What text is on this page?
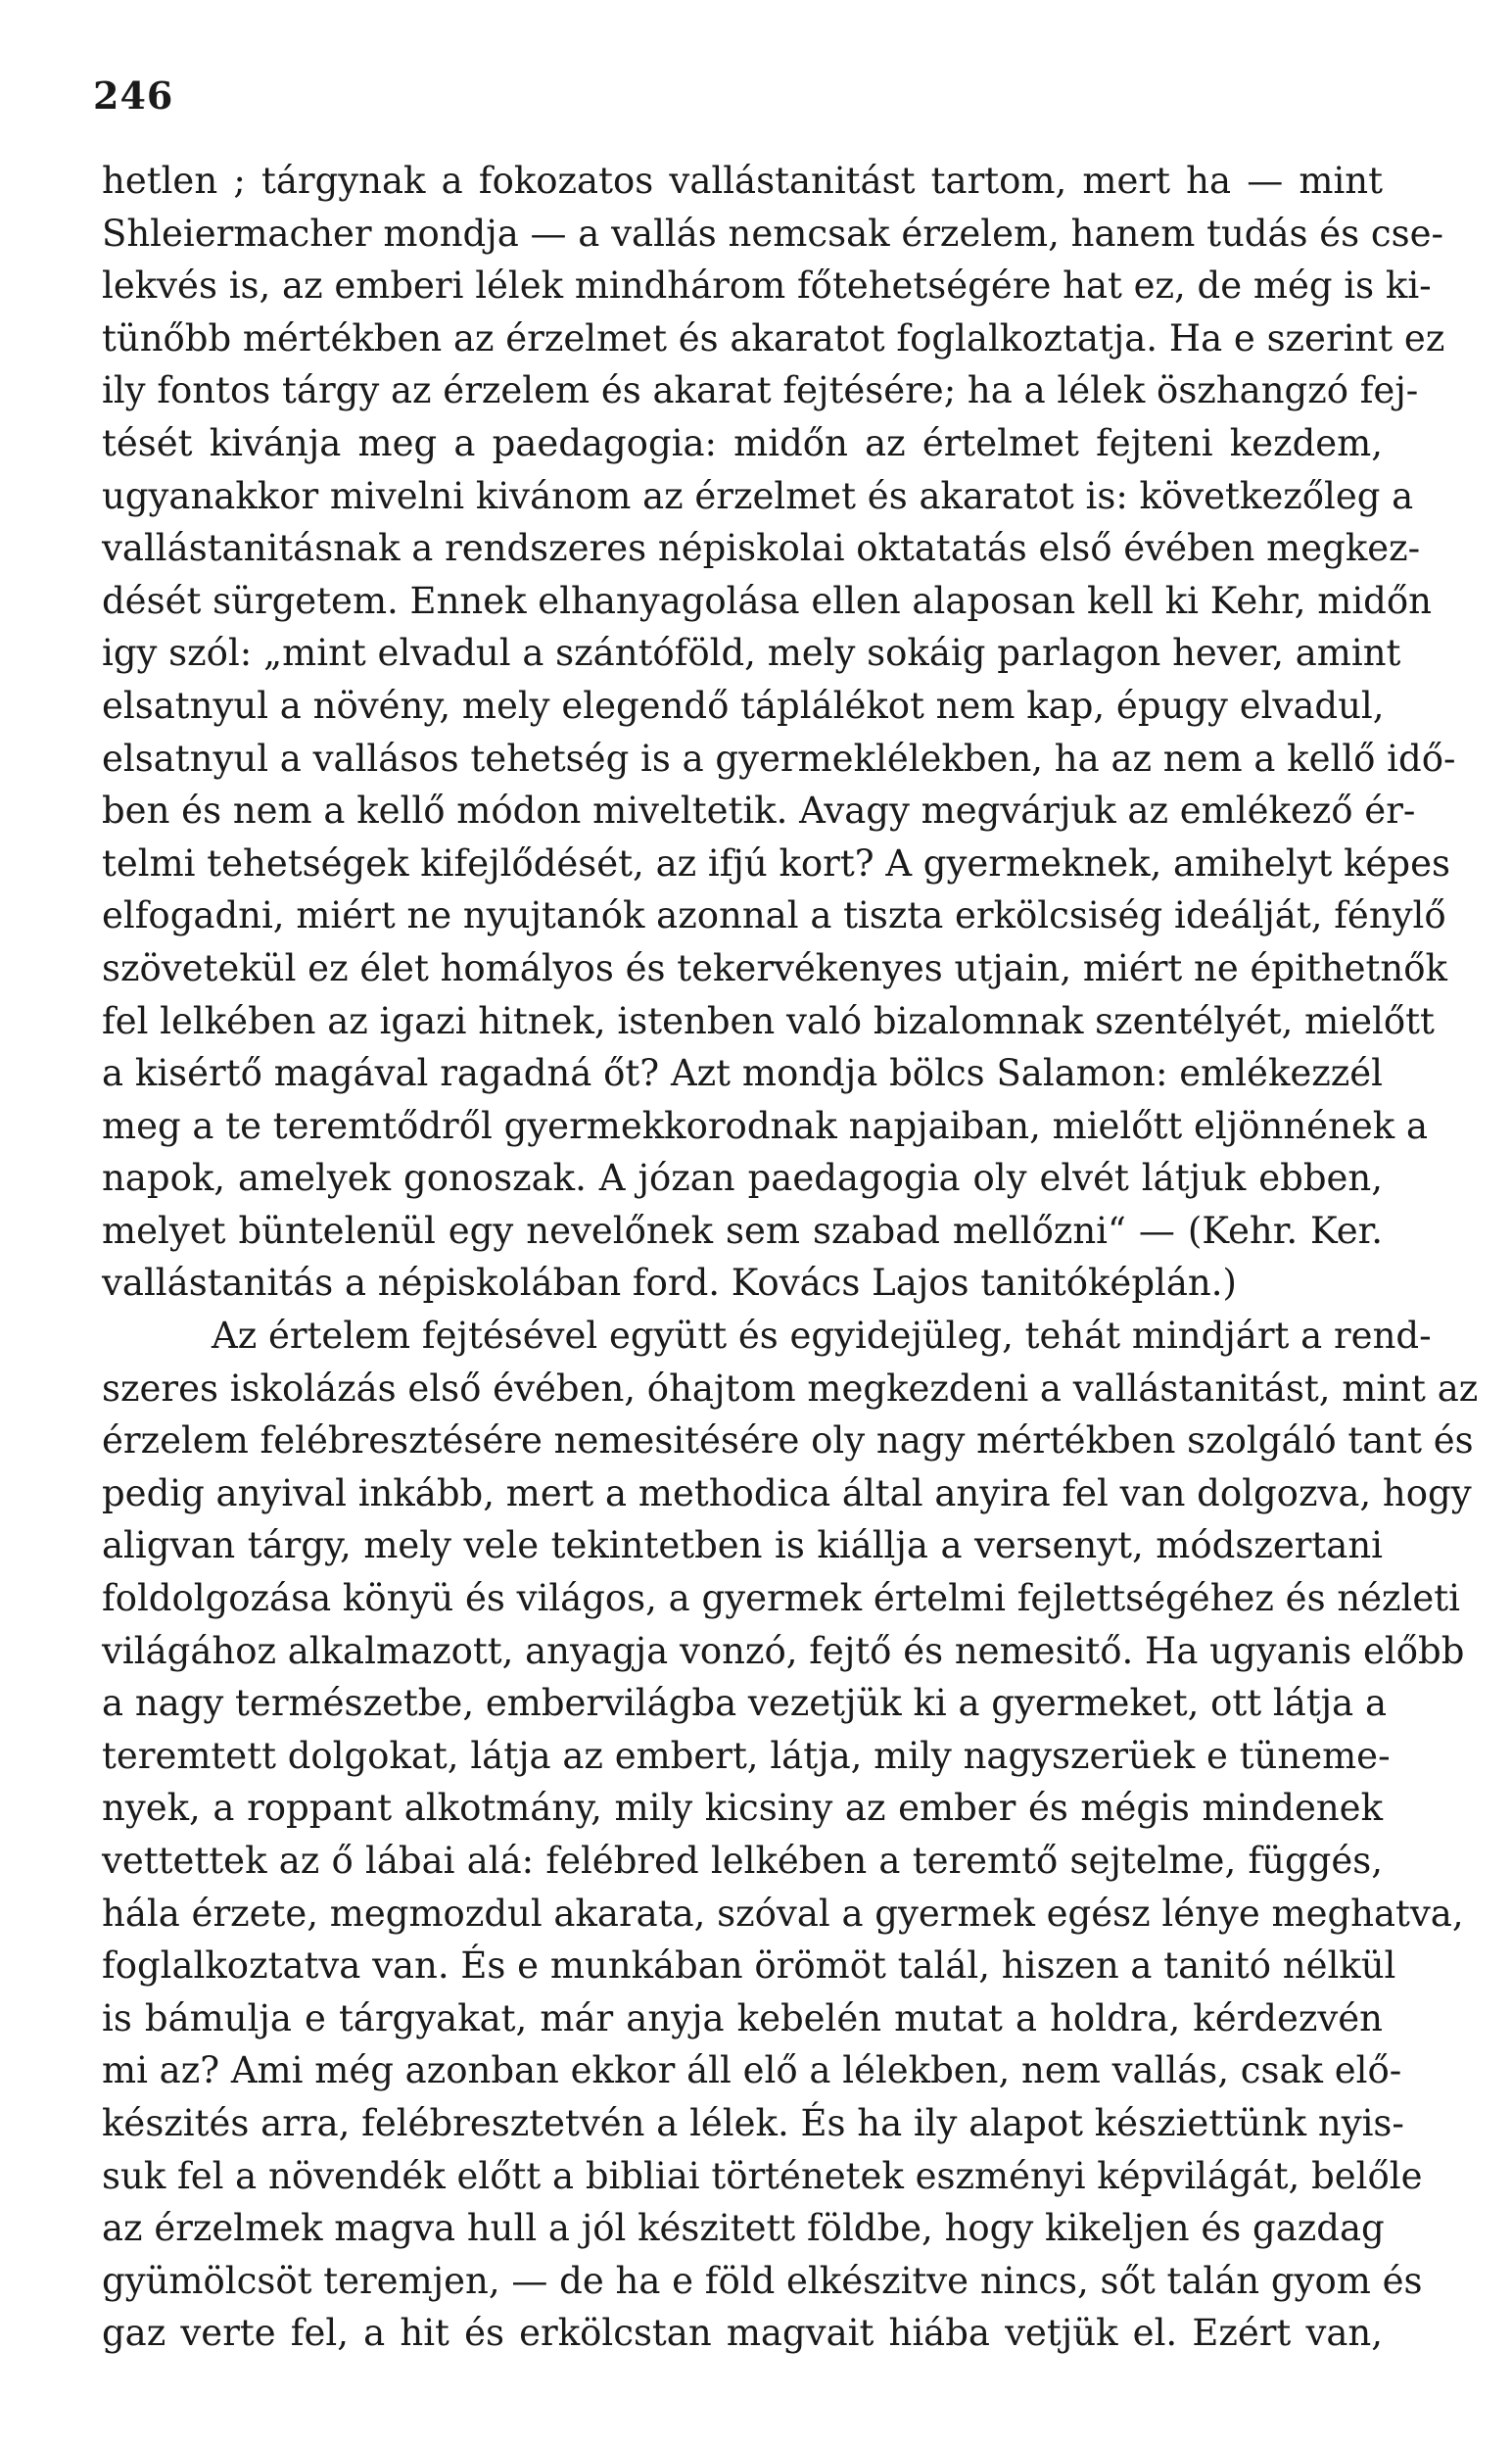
246
hetlen ; tárgynak a fokozatos vallástanitást tartom, mert ha — mint
Shleiermacher mondja — a vallás nemcsak érzelem, hanem tudás és cse-
lekvés is, az emberi lélek mindhárom főtehetségére hat ez, de még is ki-
tünőbb mértékben az érzelmet és akaratot foglalkoztatja. Ha e szerint ez
ily fontos tárgy az érzelem és akarat fejtésére; ha a lélek öszhangzó fej-
tését kivánja meg a paedagogia: midőn az értelmet fejteni kezdem,
ugyanakkor mivelni kivánom az érzelmet és akaratot is: következőleg a
vallástanitásnak a rendszeres népiskolai oktatatás első évében megkez-
dését sürgetem. Ennek elhanyagolása ellen alaposan kell ki Kehr, midőn
igy szól: „mint elvadul a szántóföld, mely sokáig parlagon hever, amint
elsatnyul a növény, mely elegendő táplálékot nem kap, épugy elvadul,
elsatnyul a vallásos tehetség is a gyermeklélekben, ha az nem a kellő idő-
ben és nem a kellő módon miveltetik. Avagy megvárjuk az emlékező ér-
telmi tehetségek kifejlődését, az ifjú kort? A gyermeknek, amihelyt képes
elfogadni, miért ne nyujtanók azonnal a tiszta erkölcsiség ideálját, fénylő
szövetekül ez élet homályos és tekervékenyes utjain, miért ne épithetnők
fel lelkében az igazi hitnek, istenben való bizalomnak szentélyét, mielőtt
a kisértő magával ragadná őt? Azt mondja bölcs Salamon: emlékezzél
meg a te teremtődről gyermekkorodnak napjaiban, mielőtt eljönnének a
napok, amelyek gonoszak. A józan paedagogia oly elvét látjuk ebben,
melyet büntelenül egy nevelőnek sem szabad mellőzni“ — (Kehr. Ker.
vallástanitás a népiskolában ford. Kovács Lajos tanitóképlán.)
Az értelem fejtésével együtt és egyidejüleg, tehát mindjárt a rend-
szeres iskolázás első évében, óhajtom megkezdeni a vallástanitást, mint az
érzelem felébresztésére nemesitésére oly nagy mértékben szolgáló tant és
pedig anyival inkább, mert a methodica által anyira fel van dolgozva, hogy
aligvan tárgy, mely vele tekintetben is kiállja a versenyt, módszertani
foldolgozása könyü és világos, a gyermek értelmi fejlettségéhez és nézleti
világához alkalmazott, anyagja vonzó, fejtő és nemesitő. Ha ugyanis előbb
a nagy természetbe, embervilágba vezetjük ki a gyermeket, ott látja a
teremtett dolgokat, látja az embert, látja, mily nagyszerüek e tüneme-
nyek, a roppant alkotmány, mily kicsiny az ember és mégis mindenek
vettettek az ő lábai alá: felébred lelkében a teremtő sejtelme, függés,
hála érzete, megmozdul akarata, szóval a gyermek egész lénye meghatva,
foglalkoztatva van. És e munkában örömöt talál, hiszen a tanitó nélkül
is bámulja e tárgyakat, már anyja kebelén mutat a holdra, kérdezvén
mi az? Ami még azonban ekkor áll elő a lélekben, nem vallás, csak elő-
készités arra, felébresztetvén a lélek. És ha ily alapot késziettünk nyis-
suk fel a növendék előtt a bibliai történetek eszményi képvilágát, belőle
az érzelmek magva hull a jól készitett földbe, hogy kikeljen és gazdag
gyümölcsöt teremjen, — de ha e föld elkészitve nincs, sőt talán gyom és
gaz verte fel, a hit és erkölcstan magvait hiába vetjük el. Ezért van,
